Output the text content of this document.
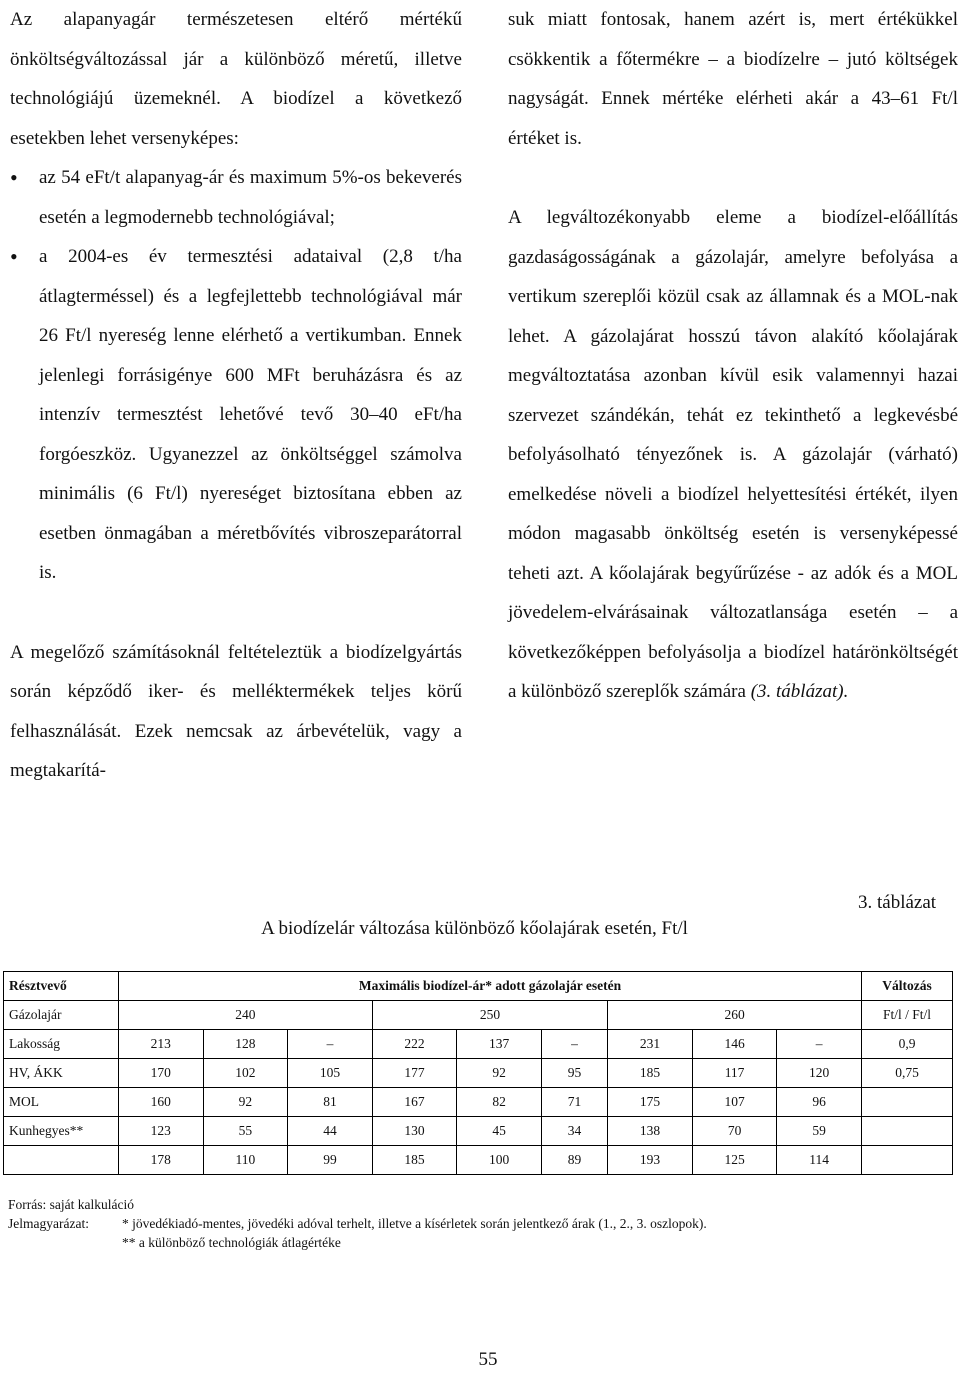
Az alapanyagár természetesen eltérő mértékű önköltségváltozással jár a különböző méretű, illetve technológiájú üzemeknél. A biodízel a következő esetekben lehet versenyképes:

• az 54 eFt/t alapanyag-ár és maximum 5%-os bekeverés esetén a legmodernebb technológiával;
• a 2004-es év termesztési adataival (2,8 t/ha átlagterméssel) és a legfejlettebb technológiával már 26 Ft/l nyereség lenne elérhető a vertikumban. Ennek jelenlegi forrásigénye 600 MFt beruházásra és az intenzív termesztést lehetővé tevő 30–40 eFt/ha forgóeszköz. Ugyanezzel az önköltséggel számolva minimális (6 Ft/l) nyereséget biztosítana ebben az esetben önmagában a méretbővítés vibroszeparátorral is.

A megelőző számításoknál feltételeztük a biodízelgyártás során képződő iker- és melléktermékek teljes körű felhasználását. Ezek nemcsak az árbevételük, vagy a megtakarítá-

suk miatt fontosak, hanem azért is, mert értékükkel csökkentik a főtermékre – a biodízelre – jutó költségek nagyságát. Ennek mértéke elérheti akár a 43–61 Ft/l értéket is.

A legváltozékonyabb eleme a biodízel-előállítás gazdaságosságának a gázolajár, amelyre befolyása a vertikum szereplői közül csak az államnak és a MOL-nak lehet. A gázolajárat hosszú távon alakító kőolajárak megváltoztatása azonban kívül esik valamennyi hazai szervezet szándékán, tehát ez tekinthető a legkevésbé befolyásolható tényezőnek is. A gázolajár (várható) emelkedése növeli a biodízel helyettesítési értékét, ilyen módon magasabb önköltség esetén is versenyképessé teheti azt. A kőolajárak begyűrűzése - az adók és a MOL jövedelem-elvárásainak változatlansága esetén – a következőképpen befolyásolja a biodízel határönköltségét a különböző szereplők számára (3. táblázat).

3. táblázat
A biodízelár változása különböző kőolajárak esetén, Ft/l
Résztvevő	Maximális biodízel-ár* adott gázolajár esetén									Változás
Gázolajár	240			250			260			Ft/l / Ft/l
Lakosság	213	128	–	222	137	–	231	146	–	0,9
HV, ÁKK	170	102	105	177	92	95	185	117	120	0,75
MOL	160	92	81	167	82	71	175	107	96	
Kunhegyes**	123	55	44	130	45	34	138	70	59	
	178	110	99	185	100	89	193	125	114	
Forrás: saját kalkuláció
Jelmagyarázat:	* jövedékiadó-mentes, jövedéki adóval terhelt, illetve a kísérletek során jelentkező árak (1., 2., 3. oszlopok).
** a különböző technológiák átlagértéke
55
